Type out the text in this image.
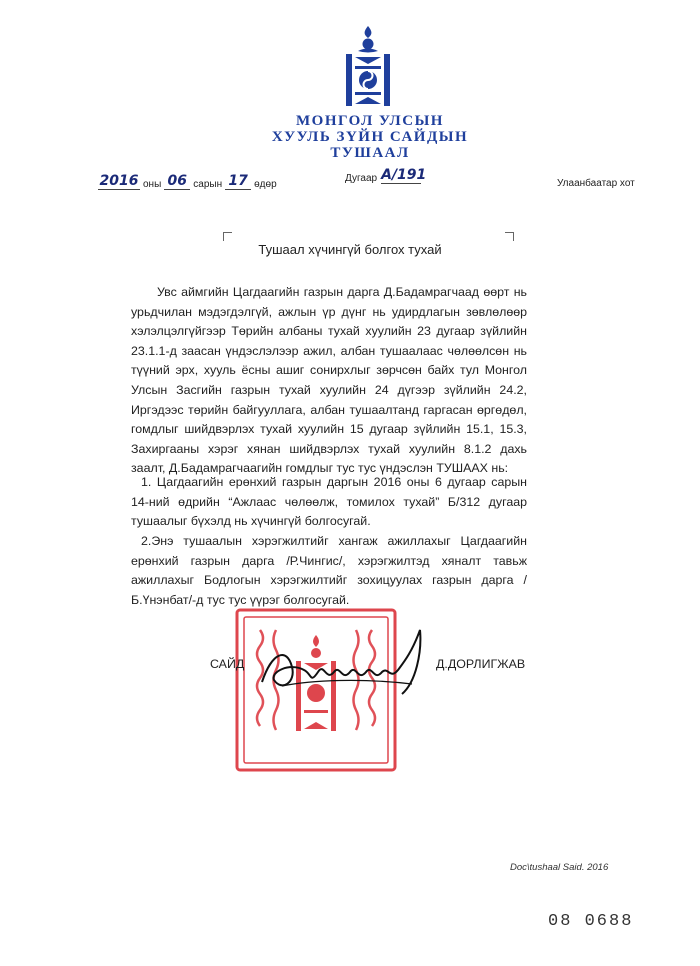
МОНГОЛ УЛСЫН
ХУУЛЬ ЗҮЙН САЙДЫН
ТУШААЛ
2016 оны 06 сарын 17 өдөр
Дугаар А/191
Улаанбаатар хот
Тушаал хүчингүй болгох тухай
Увс аймгийн Цагдаагийн газрын дарга Д.Бадамрагчаад өөрт нь урьдчилан мэдэгдэлгүй, ажлын үр дүнг нь удирдлагын зөвлөлөөр хэлэлцэлгүйгээр Төрийн албаны тухай хуулийн 23 дугаар зүйлийн 23.1.1-д заасан үндэслэлээр ажил, албан тушаалаас чөлөөлсөн нь түүний эрх, хууль ёсны ашиг сонирхлыг зөрчсөн байх тул Монгол Улсын Засгийн газрын тухай хуулийн 24 дүгээр зүйлийн 24.2, Иргэдээс төрийн байгууллага, албан тушаалтанд гаргасан өргөдөл, гомдлыг шийдвэрлэх тухай хуулийн 15 дугаар зүйлийн 15.1, 15.3, Захиргааны хэрэг хянан шийдвэрлэх тухай хуулийн 8.1.2 дахь заалт, Д.Бадамрагчаагийн гомдлыг тус тус үндэслэн ТУШААХ нь:
1. Цагдаагийн ерөнхий газрын даргын 2016 оны 6 дугаар сарын 14-ний өдрийн “Ажлаас чөлөөлж, томилох тухай” Б/312 дугаар тушаалыг бүхэлд нь хүчингүй болгосугай.
2.Энэ тушаалын хэрэгжилтийг хангаж ажиллахыг Цагдаагийн ерөнхий газрын дарга /Р.Чингис/, хэрэгжилтэд хяналт тавьж ажиллахыг Бодлогын хэрэгжилтийг зохицуулах газрын дарга /Б.Үнэнбат/-д тус тус үүрэг болгосугай.
САЙД	Д.ДОРЛИГЖАВ
Doc\tushaal Said. 2016
08 0688
